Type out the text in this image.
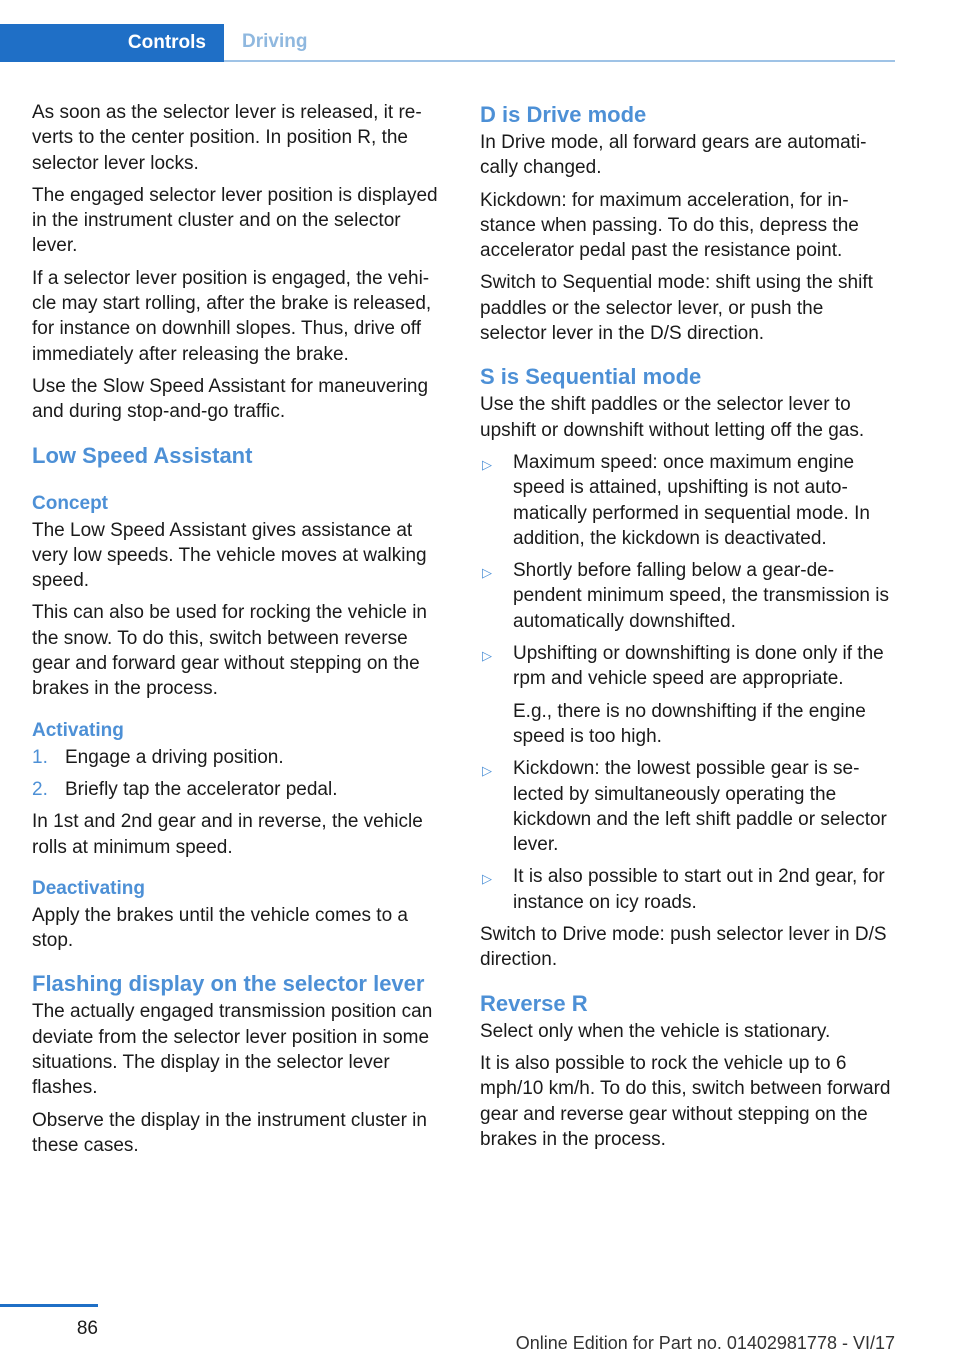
Controls	Driving

As soon as the selector lever is released, it reverts to the center position. In position R, the selector lever locks.

The engaged selector lever position is displayed in the instrument cluster and on the selector lever.

If a selector lever position is engaged, the vehicle may start rolling, after the brake is released, for instance on downhill slopes. Thus, drive off immediately after releasing the brake.

Use the Slow Speed Assistant for maneuvering and during stop-and-go traffic.

Low Speed Assistant
Concept

The Low Speed Assistant gives assistance at very low speeds. The vehicle moves at walking speed.

This can also be used for rocking the vehicle in the snow. To do this, switch between reverse gear and forward gear without stepping on the brakes in the process.

Activating
1. Engage a driving position.
2. Briefly tap the accelerator pedal.

In 1st and 2nd gear and in reverse, the vehicle rolls at minimum speed.

Deactivating

Apply the brakes until the vehicle comes to a stop.

Flashing display on the selector lever

The actually engaged transmission position can deviate from the selector lever position in some situations. The display in the selector lever flashes.

Observe the display in the instrument cluster in these cases.

D is Drive mode

In Drive mode, all forward gears are automatically changed.

Kickdown: for maximum acceleration, for instance when passing. To do this, depress the accelerator pedal past the resistance point.

Switch to Sequential mode: shift using the shift paddles or the selector lever, or push the selector lever in the D/S direction.

S is Sequential mode

Use the shift paddles or the selector lever to upshift or downshift without letting off the gas.

▷	Maximum speed: once maximum engine speed is attained, upshifting is not automatically performed in sequential mode. In addition, the kickdown is deactivated.

▷	Shortly before falling below a gear-dependent minimum speed, the transmission is automatically downshifted.

▷	Upshifting or downshifting is done only if the rpm and vehicle speed are appropriate.

E.g., there is no downshifting if the engine speed is too high.

▷	Kickdown: the lowest possible gear is selected by simultaneously operating the kickdown and the left shift paddle or selector lever.

▷	It is also possible to start out in 2nd gear, for instance on icy roads.

Switch to Drive mode: push selector lever in D/S direction.

Reverse R

Select only when the vehicle is stationary.

It is also possible to rock the vehicle up to 6 mph/10 km/h. To do this, switch between forward gear and reverse gear without stepping on the brakes in the process.

86
Online Edition for Part no. 01402981778 - VI/17
